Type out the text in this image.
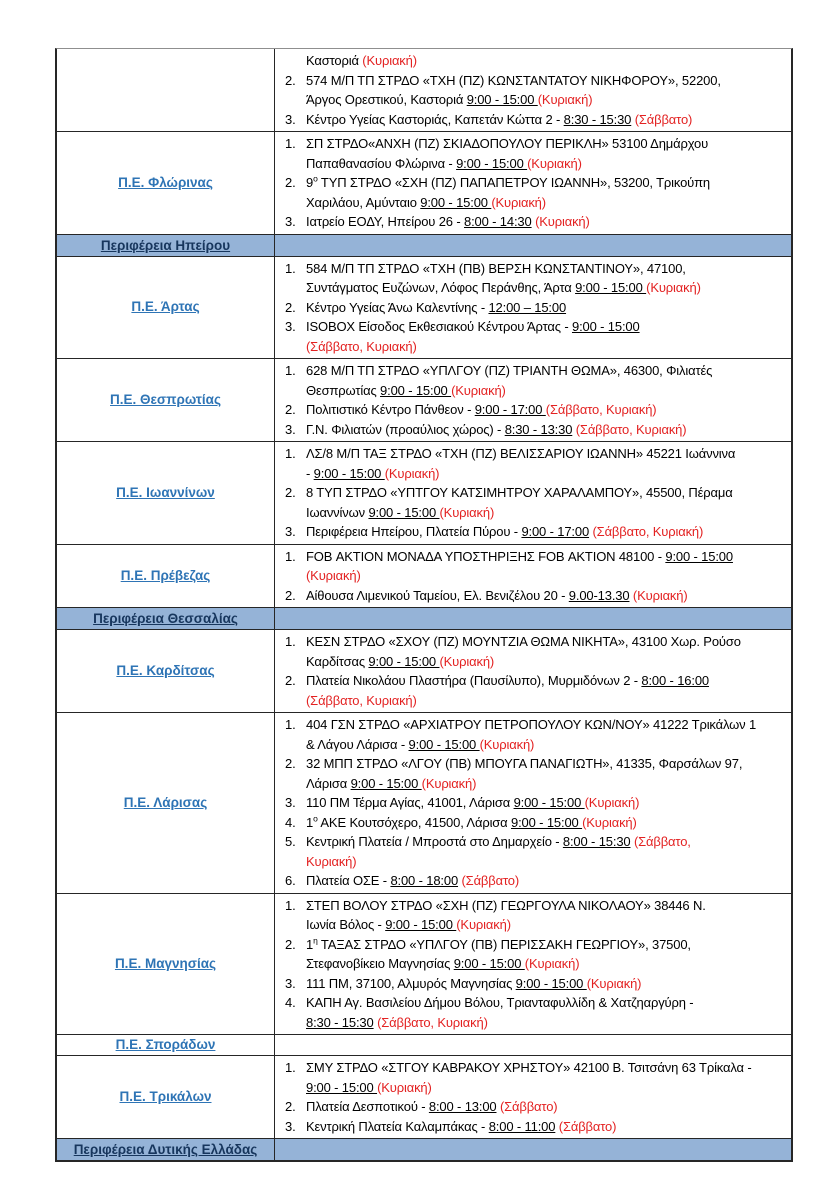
Καστοριά (Κυριακή)
2. 574 Μ/Π ΤΠ ΣΤΡΔΟ «ΤΧΗ (ΠΖ) ΚΩΝΣΤΑΝΤΑΤΟΥ ΝΙΚΗΦΟΡΟΥ», 52200,
Άργος Ορεστικού, Καστοριά 9:00 - 15:00 (Κυριακή)
3. Κέντρο Υγείας Καστοριάς, Καπετάν Κώττα 2 - 8:30 - 15:30 (Σάββατο)
Π.Ε. Φλώρινας
1. ΣΠ ΣΤΡΔΟ«ΑΝΧΗ (ΠΖ) ΣΚΙΑΔΟΠΟΥΛΟΥ ΠΕΡΙΚΛΗ» 53100 Δημάρχου
Παπαθανασίου Φλώρινα - 9:00 - 15:00 (Κυριακή)
2. $9^o$ ΤΥΠ ΣΤΡΔΟ «ΣΧΗ (ΠΖ) ΠΑΠΑΠΕΤΡΟΥ ΙΩΑΝΝΗ», 53200, Τρικούπη
Χαριλάου, Αμύνταιο 9:00 - 15:00 (Κυριακή)
3. Ιατρείο ΕΟΔΥ, Ηπείρου 26 - 8:00 - 14:30 (Κυριακή)
Περιφέρεια Ηπείρου
Π.Ε. Άρτας
1. 584 Μ/Π ΤΠ ΣΤΡΔΟ «ΤΧΗ (ΠΒ) ΒΕΡΣΗ ΚΩΝΣΤΑΝΤΙΝΟΥ», 47100,
Συντάγματος Ευζώνων, Λόφος Περάνθης, Άρτα 9:00 - 15:00 (Κυριακή)
2. Κέντρο Υγείας Άνω Καλεντίνης - 12:00 – 15:00
3. ISOBOX Είσοδος Εκθεσιακού Κέντρου Άρτας - 9:00 - 15:00
(Σάββατο, Κυριακή)
Π.Ε. Θεσπρωτίας
1. 628 Μ/Π ΤΠ ΣΤΡΔΟ «ΥΠΛΓΟΥ (ΠΖ) ΤΡΙΑΝΤΗ ΘΩΜΑ», 46300, Φιλιατές
Θεσπρωτίας 9:00 - 15:00 (Κυριακή)
2. Πολιτιστικό Κέντρο Πάνθεον - 9:00 - 17:00 (Σάββατο, Κυριακή)
3. Γ.Ν. Φιλιατών (προαύλιος χώρος) - 8:30 - 13:30 (Σάββατο, Κυριακή)
Π.Ε. Ιωαννίνων
1. ΛΣ/8 Μ/Π ΤΑΞ ΣΤΡΔΟ «ΤΧΗ (ΠΖ) ΒΕΛΙΣΣΑΡΙΟΥ ΙΩΑΝΝΗ» 45221 Ιωάννινα
- 9:00 - 15:00 (Κυριακή)
2. 8 ΤΥΠ ΣΤΡΔΟ «ΥΠΤΓΟΥ ΚΑΤΣΙΜΗΤΡΟΥ ΧΑΡΑΛΑΜΠΟΥ», 45500, Πέραμα
Ιωαννίνων 9:00 - 15:00 (Κυριακή)
3. Περιφέρεια Ηπείρου, Πλατεία Πύρου - 9:00 - 17:00 (Σάββατο, Κυριακή)
Π.Ε. Πρέβεζας
1. FOB ΑΚΤΙΟΝ ΜΟΝΑΔΑ ΥΠΟΣΤΗΡΙΞΗΣ FOB ΑΚΤΙΟΝ 48100 - 9:00 - 15:00
(Κυριακή)
2. Αίθουσα Λιμενικού Ταμείου, Ελ. Βενιζέλου 20 - 9.00-13.30 (Κυριακή)
Περιφέρεια Θεσσαλίας
Π.Ε. Καρδίτσας
1. ΚΕΣΝ ΣΤΡΔΟ «ΣΧΟΥ (ΠΖ) ΜΟΥΝΤΖΙΑ ΘΩΜΑ ΝΙΚΗΤΑ», 43100 Χωρ. Ρούσο
Καρδίτσας 9:00 - 15:00 (Κυριακή)
2. Πλατεία Νικολάου Πλαστήρα (Παυσίλυπο), Μυρμιδόνων 2 - 8:00 - 16:00
(Σάββατο, Κυριακή)
Π.Ε. Λάρισας
1. 404 ΓΣΝ ΣΤΡΔΟ «ΑΡΧΙΑΤΡΟΥ ΠΕΤΡΟΠΟΥΛΟΥ ΚΩΝ/ΝΟΥ» 41222 Τρικάλων 1
& Λάγου Λάρισα - 9:00 - 15:00 (Κυριακή)
2. 32 ΜΠΠ ΣΤΡΔΟ «ΛΓΟΥ (ΠΒ) ΜΠΟΥΓΑ ΠΑΝΑΓΙΩΤΗ», 41335, Φαρσάλων 97,
Λάρισα 9:00 - 15:00 (Κυριακή)
3. 110 ΠΜ Τέρμα Αγίας, 41001, Λάρισα 9:00 - 15:00 (Κυριακή)
4. $1^o$ ΑΚΕ Κουτσόχερο, 41500, Λάρισα 9:00 - 15:00 (Κυριακή)
5. Κεντρική Πλατεία / Μπροστά στο Δημαρχείο - 8:00 - 15:30 (Σάββατο,
Κυριακή)
6. Πλατεία ΟΣΕ - 8:00 - 18:00 (Σάββατο)
Π.Ε. Μαγνησίας
1. ΣΤΕΠ ΒΟΛΟΥ ΣΤΡΔΟ «ΣΧΗ (ΠΖ) ΓΕΩΡΓΟΥΛΑ ΝΙΚΟΛΑΟΥ» 38446 Ν.
Ιωνία Βόλος - 9:00 - 15:00 (Κυριακή)
2. $1^\eta$ ΤΑΞΑΣ ΣΤΡΔΟ «ΥΠΛΓΟΥ (ΠΒ) ΠΕΡΙΣΣΑΚΗ ΓΕΩΡΓΙΟΥ», 37500,
Στεφανοβίκειο Μαγνησίας 9:00 - 15:00 (Κυριακή)
3. 111 ΠΜ, 37100, Αλμυρός Μαγνησίας 9:00 - 15:00 (Κυριακή)
4. ΚΑΠΗ Αγ. Βασιλείου Δήμου Βόλου, Τριανταφυλλίδη & Χατζηαργύρη -
8:30 - 15:30 (Σάββατο, Κυριακή)
Π.Ε. Σποράδων
Π.Ε. Τρικάλων
1. ΣΜΥ ΣΤΡΔΟ «ΣΤΓΟΥ ΚΑΒΡΑΚΟΥ ΧΡΗΣΤΟΥ» 42100 Β. Τσιτσάνη 63 Τρίκαλα -
9:00 - 15:00 (Κυριακή)
2. Πλατεία Δεσποτικού - 8:00 - 13:00 (Σάββατο)
3. Κεντρική Πλατεία Καλαμπάκας - 8:00 - 11:00 (Σάββατο)
Περιφέρεια Δυτικής Ελλάδας
